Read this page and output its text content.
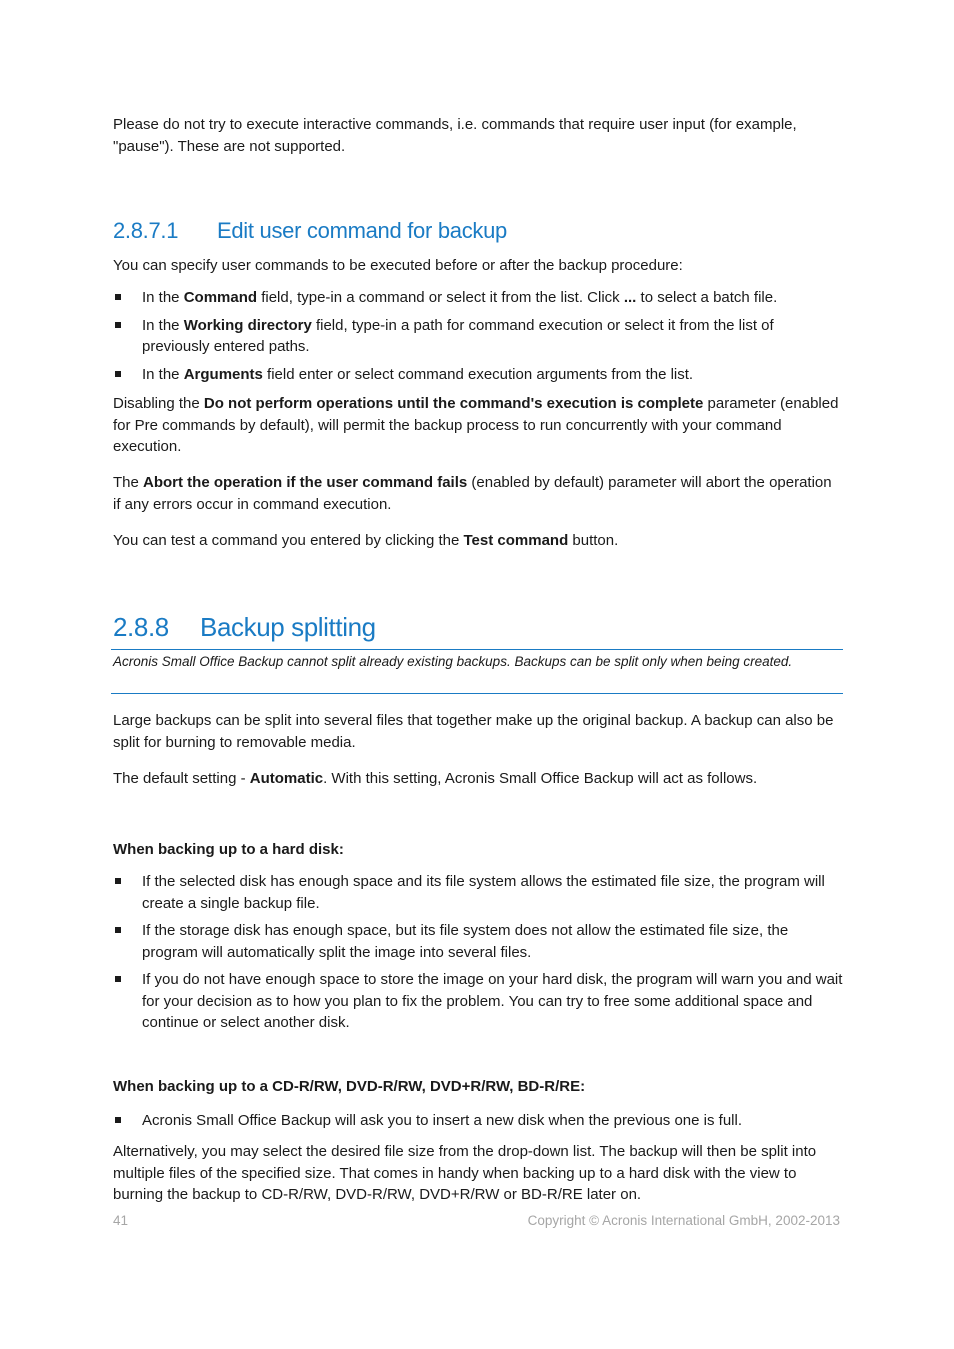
Please do not try to execute interactive commands, i.e. commands that require user input (for example, "pause"). These are not supported.

2.8.7.1 Edit user command for backup

You can specify user commands to be executed before or after the backup procedure:

In the Command field, type-in a command or select it from the list. Click ... to select a batch file.
In the Working directory field, type-in a path for command execution or select it from the list of previously entered paths.
In the Arguments field enter or select command execution arguments from the list.

Disabling the Do not perform operations until the command's execution is complete parameter (enabled for Pre commands by default), will permit the backup process to run concurrently with your command execution.

The Abort the operation if the user command fails (enabled by default) parameter will abort the operation if any errors occur in command execution.

You can test a command you entered by clicking the Test command button.

2.8.8 Backup splitting

Acronis Small Office Backup cannot split already existing backups. Backups can be split only when being created.

Large backups can be split into several files that together make up the original backup. A backup can also be split for burning to removable media.

The default setting - Automatic. With this setting, Acronis Small Office Backup will act as follows.

When backing up to a hard disk:

If the selected disk has enough space and its file system allows the estimated file size, the program will create a single backup file.
If the storage disk has enough space, but its file system does not allow the estimated file size, the program will automatically split the image into several files.
If you do not have enough space to store the image on your hard disk, the program will warn you and wait for your decision as to how you plan to fix the problem. You can try to free some additional space and continue or select another disk.

When backing up to a CD-R/RW, DVD-R/RW, DVD+R/RW, BD-R/RE:

Acronis Small Office Backup will ask you to insert a new disk when the previous one is full.

Alternatively, you may select the desired file size from the drop-down list. The backup will then be split into multiple files of the specified size. That comes in handy when backing up to a hard disk with the view to burning the backup to CD-R/RW, DVD-R/RW, DVD+R/RW or BD-R/RE later on.

41	Copyright © Acronis International GmbH, 2002-2013
